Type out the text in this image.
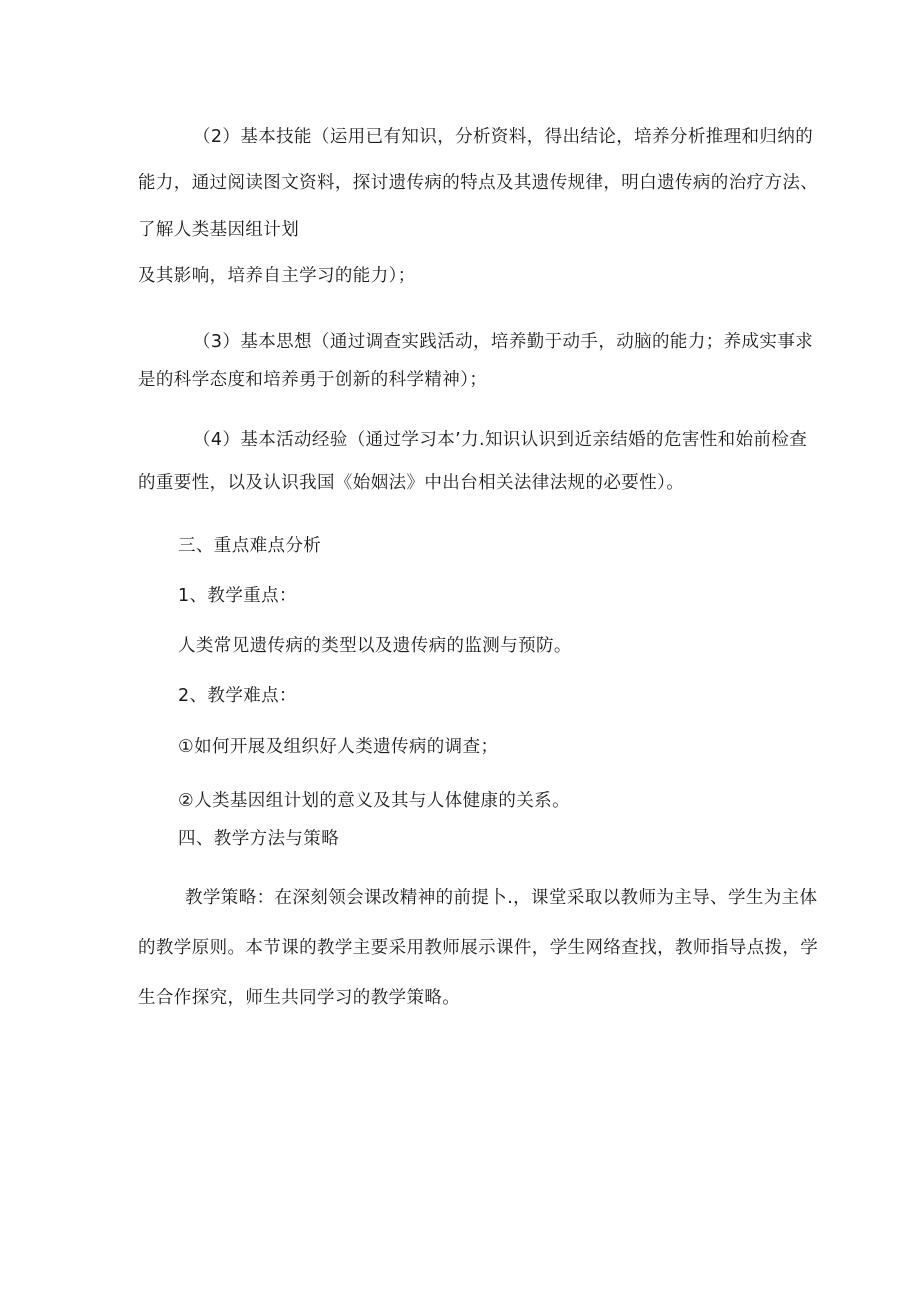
（2）基本技能（运用已有知识，分析资料，得出结论，培养分析推理和归纳的
能力，通过阅读图文资料，探讨遗传病的特点及其遗传规律，明白遗传病的治疗方法、
了解人类基因组计划
及其影响，培养自主学习的能力）；
（3）基本思想（通过调查实践活动，培养勤于动手，动脑的能力；养成实事求
是的科学态度和培养勇于创新的科学精神）；
（4）基本活动经验（通过学习本’力.知识认识到近亲结婚的危害性和始前检查
的重要性，以及认识我国《始姻法》中出台相关法律法规的必要性）。
三、重点难点分析
1、教学重点：
人类常见遗传病的类型以及遗传病的监测与预防。
2、教学难点：
①如何开展及组织好人类遗传病的调查；
②人类基因组计划的意义及其与人体健康的关系。
四、教学方法与策略
教学策略：在深刻领会课改精神的前提卜.，课堂采取以教师为主导、学生为主体
的教学原则。本节课的教学主要采用教师展示课件，学生网络查找，教师指导点拨，学
生合作探究，师生共同学习的教学策略。
